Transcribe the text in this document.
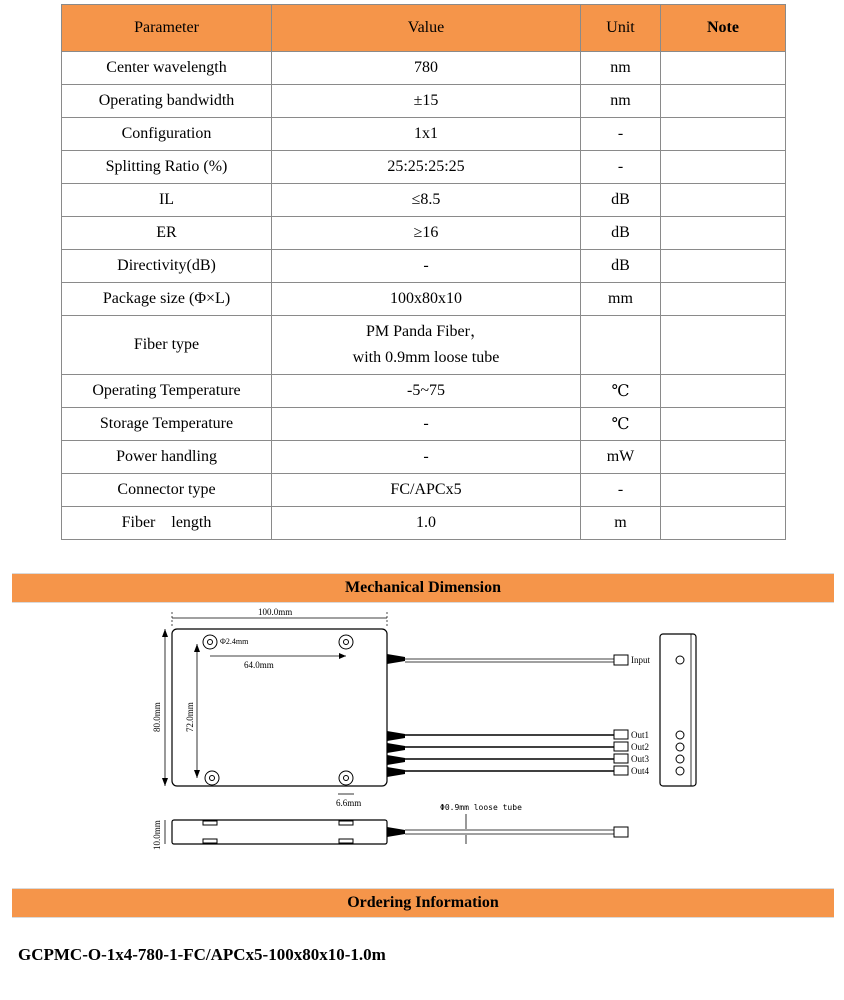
Parameter	Value	Unit	Note
Center wavelength	780	nm	
Operating bandwidth	±15	nm	
Configuration	1x1	-	
Splitting Ratio (%)	25:25:25:25	-	
IL	≤8.5	dB	
ER	≥16	dB	
Directivity(dB)	-	dB	
Package size (Φ×L)	100x80x10	mm	
Fiber type	PM Panda Fiber，
with 0.9mm loose tube		

Operating Temperature	-5~75	℃	
Storage Temperature	-	℃	
Power handling	-	mW	
Connector type	FC/APCx5	-	
Fiber    length	1.0	m	
Mechanical Dimension
100.0mm
Φ2.4mm
64.0mm
80.0mm	72.0mm
6.6mm
Input
Out1
Out2
Out3
Out4
10.0mm
Φ0.9mm loose tube
Ordering Information
GCPMC-O-1x4-780-1-FC/APCx5-100x80x10-1.0m
